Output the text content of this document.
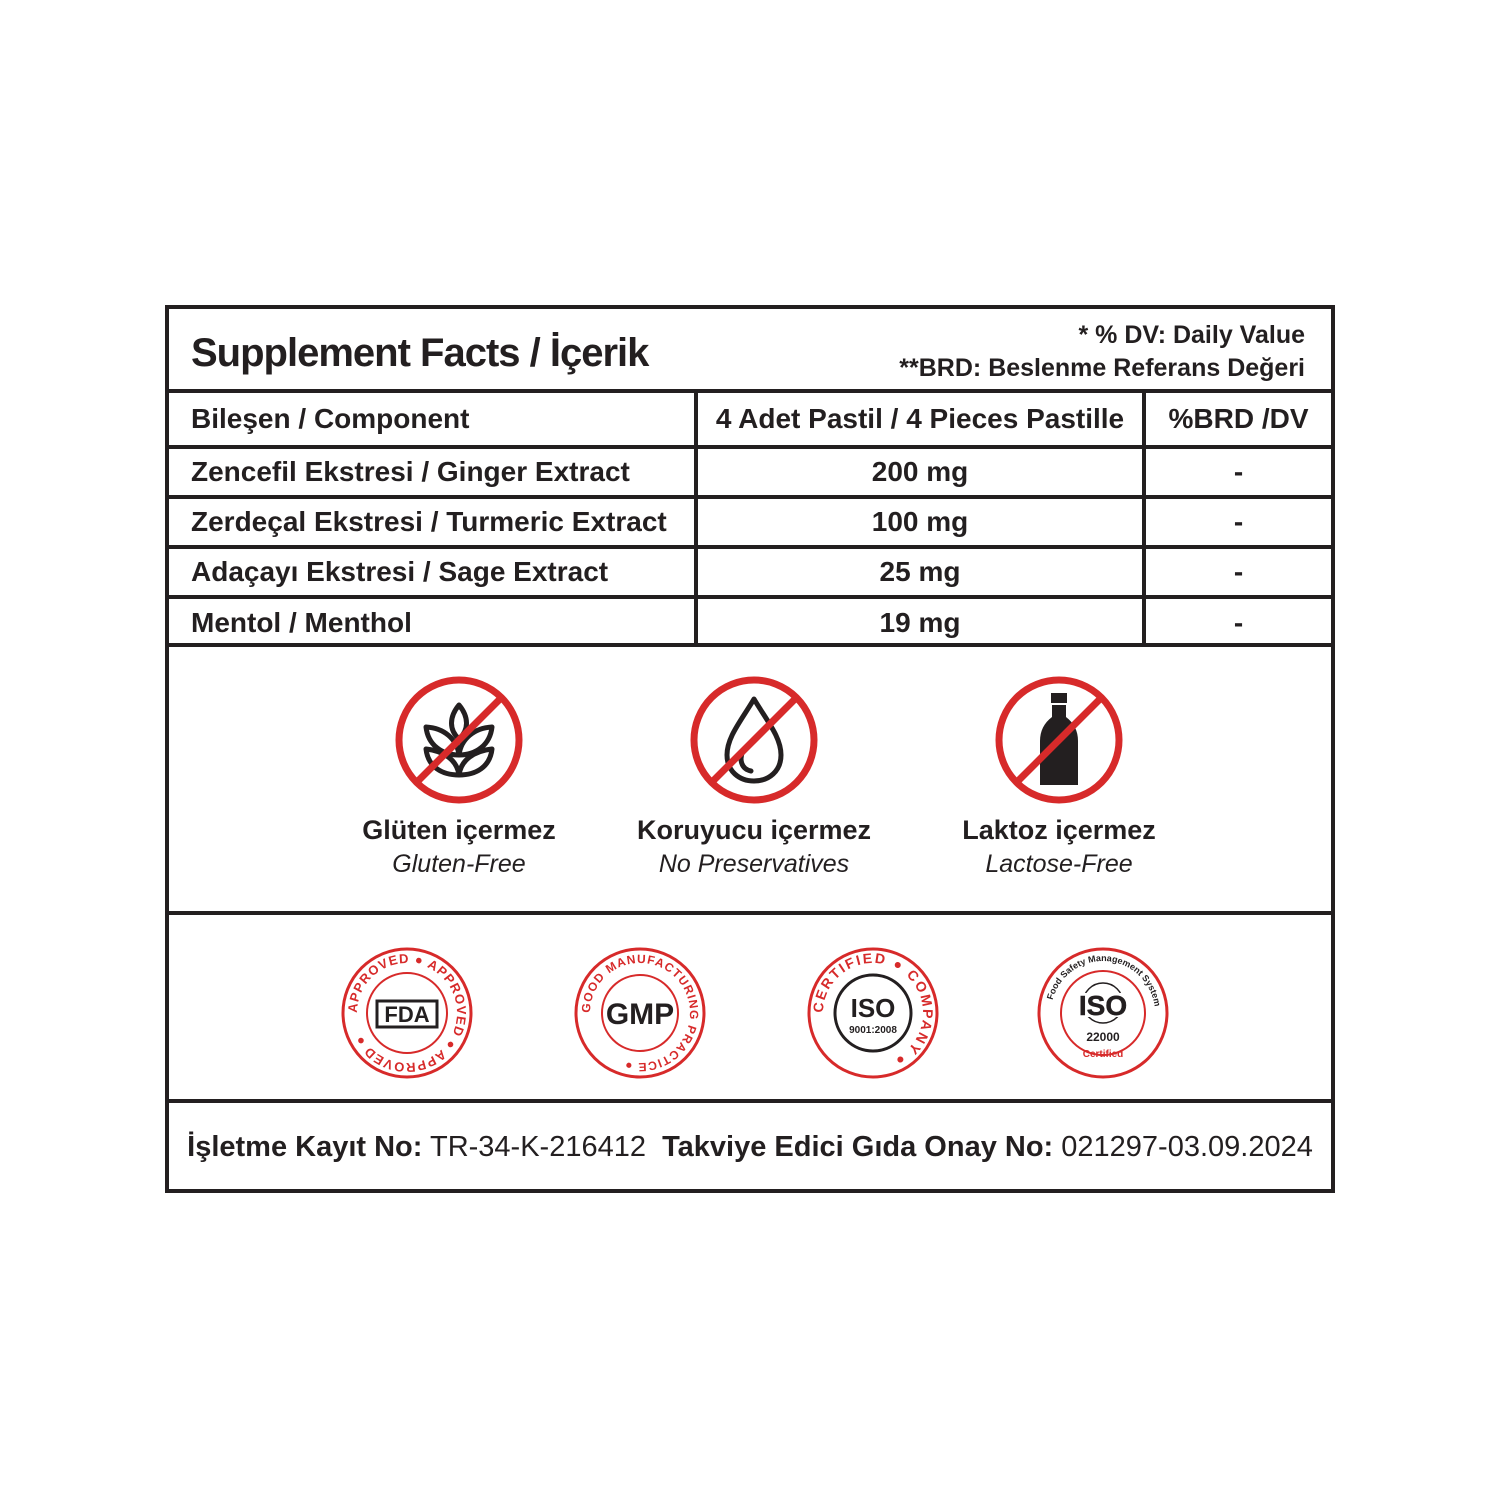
Supplement Facts / İçerik	* % DV: Daily Value
**BRD: Beslenme Referans Değeri
Bileşen / Component	4 Adet Pastil / 4 Pieces Pastille	%BRD /DV
Zencefil Ekstresi / Ginger Extract	200 mg	-
Zerdeçal Ekstresi / Turmeric Extract	100 mg	-
Adaçayı Ekstresi / Sage Extract	25 mg	-
Mentol / Menthol	19 mg	-
Glüten içermez
Gluten-Free
Koruyucu içermez
No Preservatives
Laktoz içermez
Lactose-Free
APPROVED ● APPROVED ● APPROVED ●
FDA	GOOD MANUFACTURING PRACTICE ●
GMP	CERTIFIED ● COMPANY ●
ISO
9001:2008
Food Safety Management System
ISO
22000
Certified
İşletme Kayıt No: TR-34-K-216412 Takviye Edici Gıda Onay No: 021297-03.09.2024
